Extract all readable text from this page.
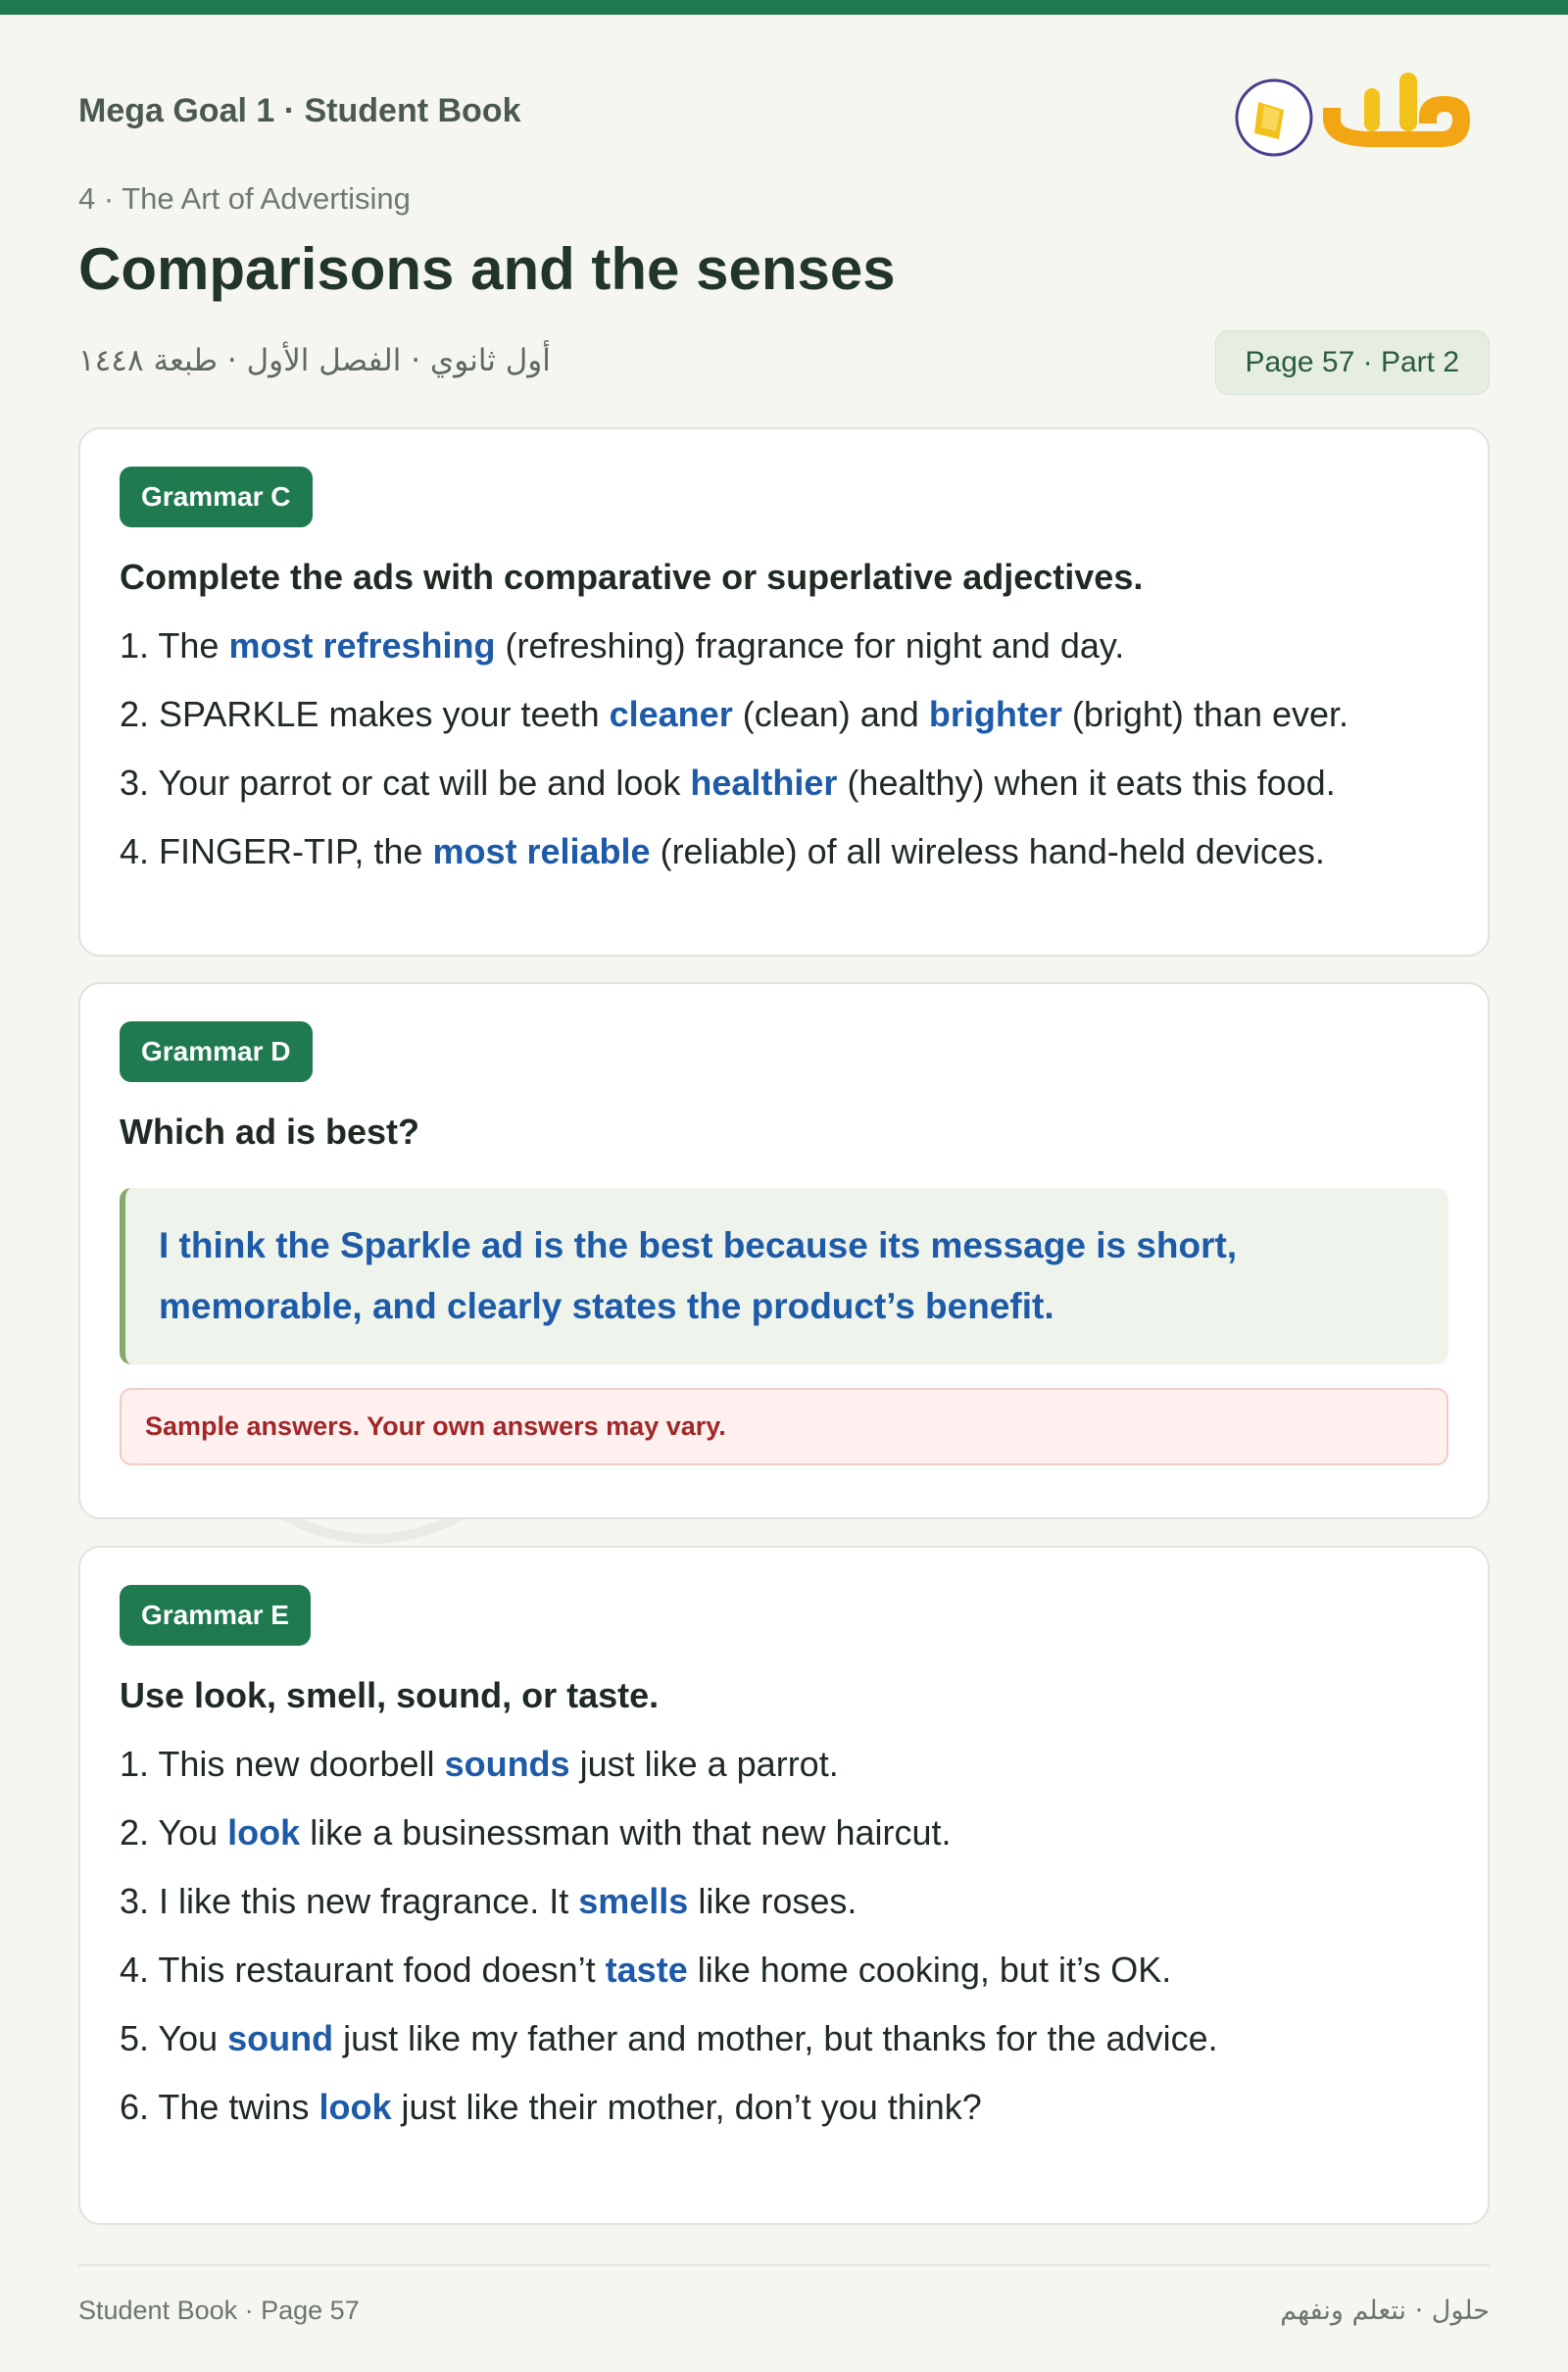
Mega Goal 1 · Student Book
4 · The Art of Advertising
Comparisons and the senses
أول ثانوي · الفصل الأول · طبعة ١٤٤٨	Page 57 · Part 2
Grammar C
Complete the ads with comparative or superlative adjectives.
1. The most refreshing (refreshing) fragrance for night and day.
2. SPARKLE makes your teeth cleaner (clean) and brighter (bright) than ever.
3. Your parrot or cat will be and look healthier (healthy) when it eats this food.
4. FINGER-TIP, the most reliable (reliable) of all wireless hand-held devices.
Grammar D
Which ad is best?
I think the Sparkle ad is the best because its message is short, memorable, and clearly states the product’s benefit.
Sample answers. Your own answers may vary.
Grammar E
Use look, smell, sound, or taste.
1. This new doorbell sounds just like a parrot.
2. You look like a businessman with that new haircut.
3. I like this new fragrance. It smells like roses.
4. This restaurant food doesn’t taste like home cooking, but it’s OK.
5. You sound just like my father and mother, but thanks for the advice.
6. The twins look just like their mother, don’t you think?
Student Book · Page 57	حلول · نتعلم ونفهم
